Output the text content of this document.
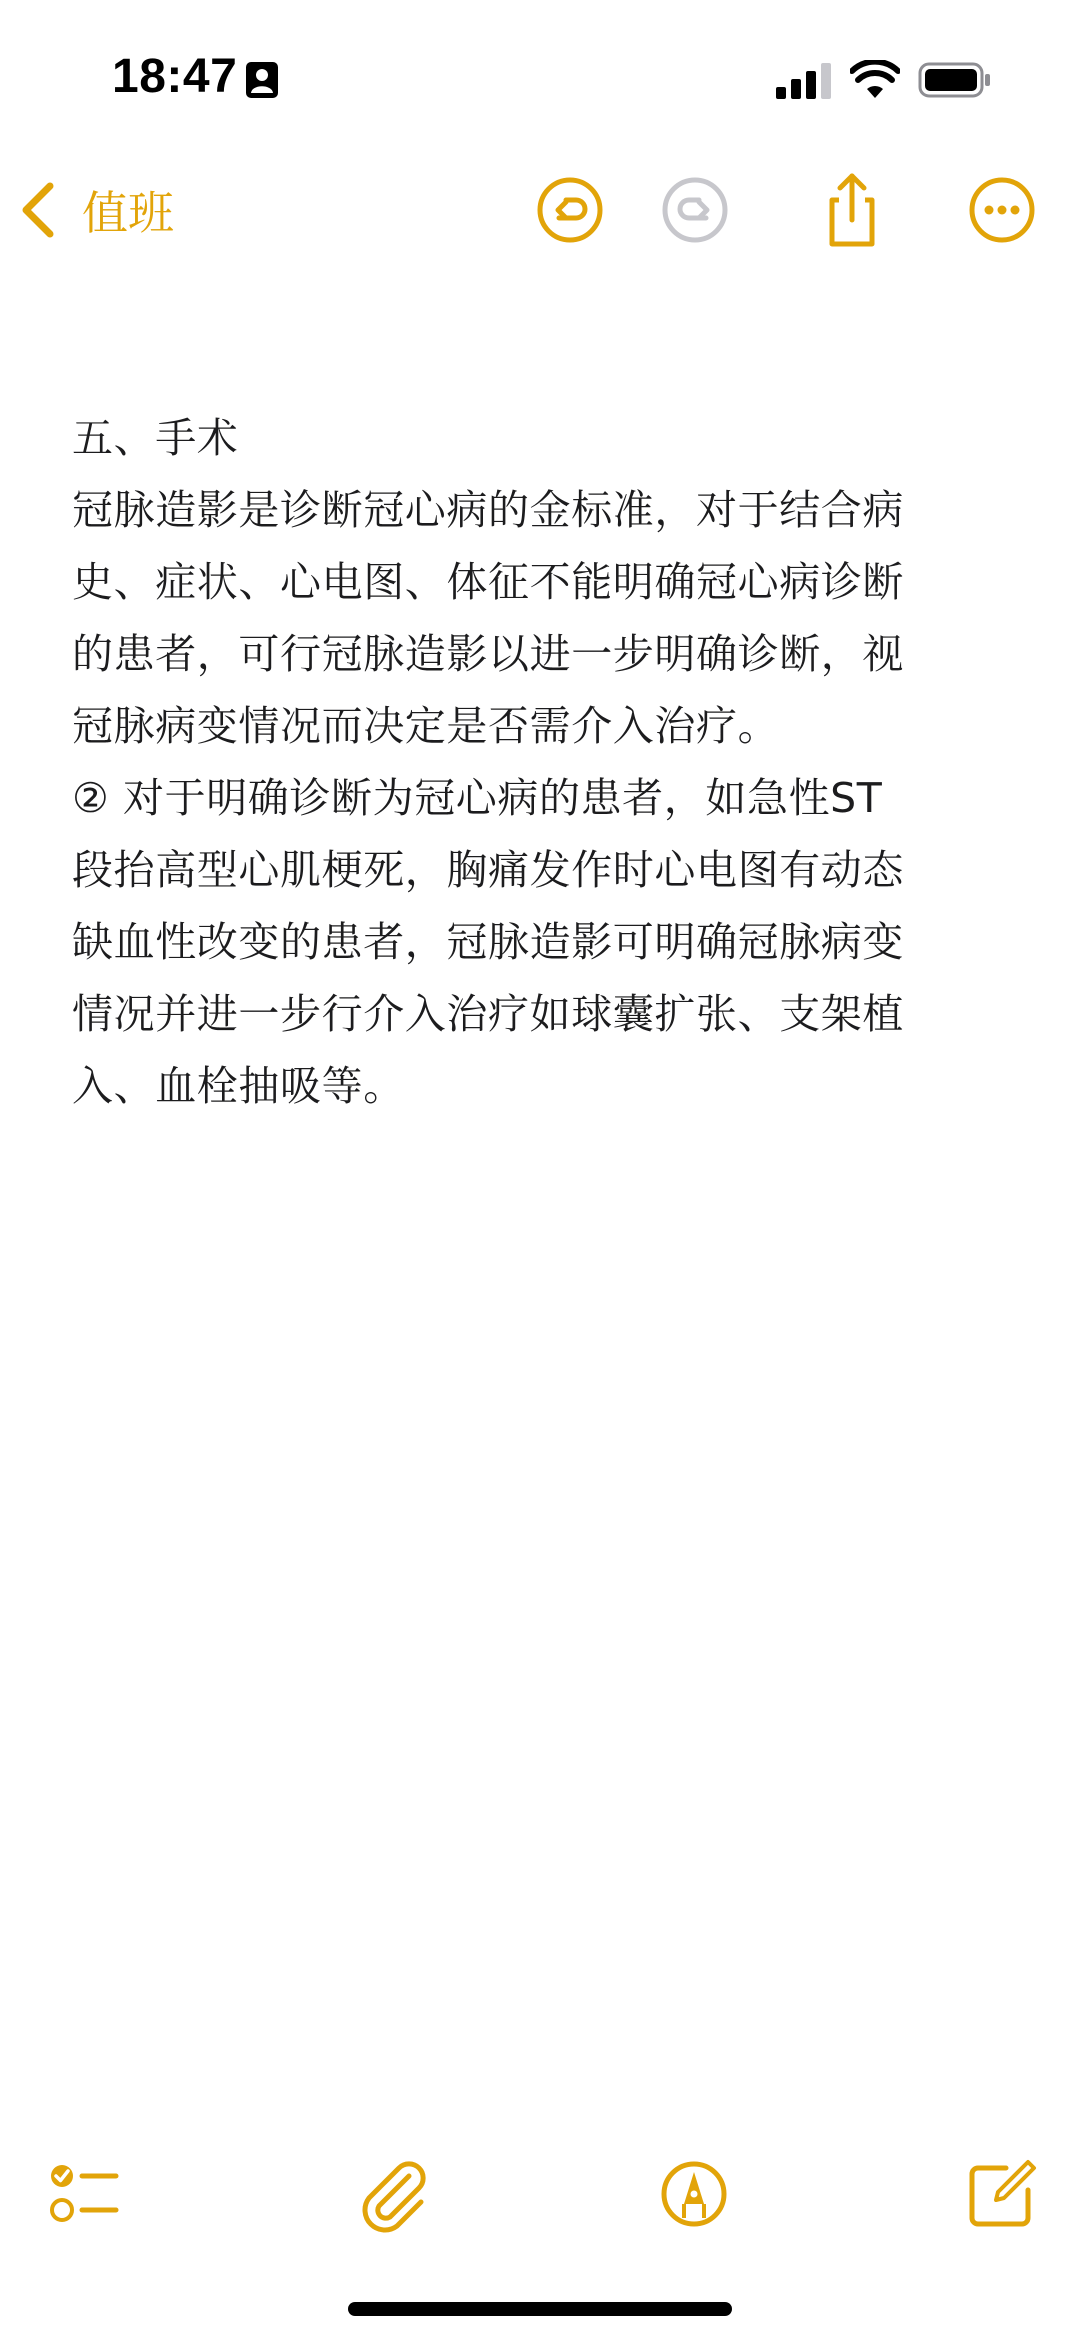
18:47
值班
五、手术
冠脉造影是诊断冠心病的金标准，对于结合病
史、症状、心电图、体征不能明确冠心病诊断
的患者，可行冠脉造影以进一步明确诊断，视
冠脉病变情况而决定是否需介入治疗。
② 对于明确诊断为冠心病的患者，如急性ST
段抬高型心肌梗死，胸痛发作时心电图有动态
缺血性改变的患者，冠脉造影可明确冠脉病变
情况并进一步行介入治疗如球囊扩张、支架植
入、血栓抽吸等。
